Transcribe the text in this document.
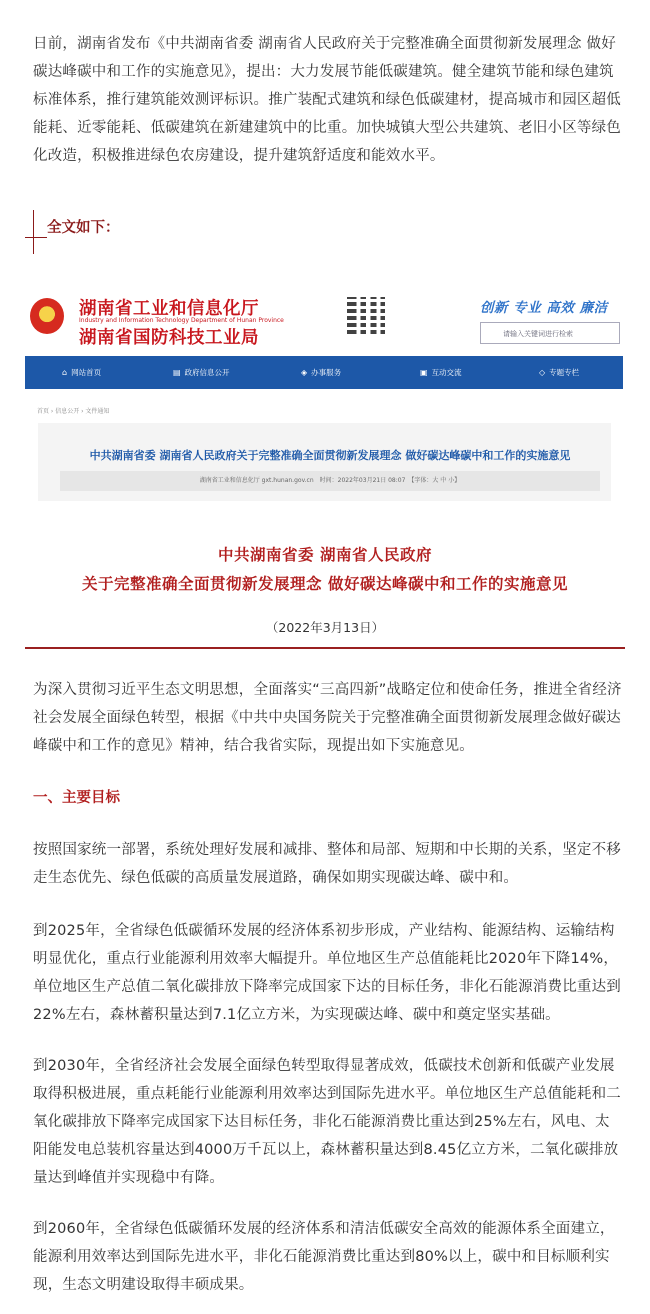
日前，湖南省发布《中共湖南省委 湖南省人民政府关于完整准确全面贯彻新发展理念 做好碳达峰碳中和工作的实施意见》，提出：大力发展节能低碳建筑。健全建筑节能和绿色建筑标准体系，推行建筑能效测评标识。推广装配式建筑和绿色低碳建材，提高城市和园区超低能耗、近零能耗、低碳建筑在新建建筑中的比重。加快城镇大型公共建筑、老旧小区等绿色化改造，积极推进绿色农房建设，提升建筑舒适度和能效水平。

全文如下：
湖南省工业和信息化厅
Industry and Information Technology Department of Hunan Province
湖南省国防科技工业局
创新 专业 高效 廉洁
请输入关键词进行检索
⌂ 网站首页	▤ 政府信息公开	◈ 办事服务	▣ 互动交流	◇ 专题专栏
首页 › 信息公开 › 文件通知
中共湖南省委 湖南省人民政府关于完整准确全面贯彻新发展理念 做好碳达峰碳中和工作的实施意见
湖南省工业和信息化厅 gxt.hunan.gov.cn　时间：2022年03月21日 08:07　【字体：大 中 小】
中共湖南省委 湖南省人民政府
关于完整准确全面贯彻新发展理念 做好碳达峰碳中和工作的实施意见
（2022年3月13日）

为深入贯彻习近平生态文明思想，全面落实“三高四新”战略定位和使命任务，推进全省经济社会发展全面绿色转型，根据《中共中央国务院关于完整准确全面贯彻新发展理念做好碳达峰碳中和工作的意见》精神，结合我省实际，现提出如下实施意见。

一、主要目标

按照国家统一部署，系统处理好发展和减排、整体和局部、短期和中长期的关系，坚定不移走生态优先、绿色低碳的高质量发展道路，确保如期实现碳达峰、碳中和。

到2025年，全省绿色低碳循环发展的经济体系初步形成，产业结构、能源结构、运输结构明显优化，重点行业能源利用效率大幅提升。单位地区生产总值能耗比2020年下降14%，单位地区生产总值二氧化碳排放下降率完成国家下达的目标任务，非化石能源消费比重达到22%左右，森林蓄积量达到7.1亿立方米，为实现碳达峰、碳中和奠定坚实基础。

到2030年，全省经济社会发展全面绿色转型取得显著成效，低碳技术创新和低碳产业发展取得积极进展，重点耗能行业能源利用效率达到国际先进水平。单位地区生产总值能耗和二氧化碳排放下降率完成国家下达目标任务，非化石能源消费比重达到25%左右，风电、太阳能发电总装机容量达到4000万千瓦以上，森林蓄积量达到8.45亿立方米，二氧化碳排放量达到峰值并实现稳中有降。

到2060年，全省绿色低碳循环发展的经济体系和清洁低碳安全高效的能源体系全面建立，能源利用效率达到国际先进水平，非化石能源消费比重达到80%以上，碳中和目标顺利实现，生态文明建设取得丰硕成果。
